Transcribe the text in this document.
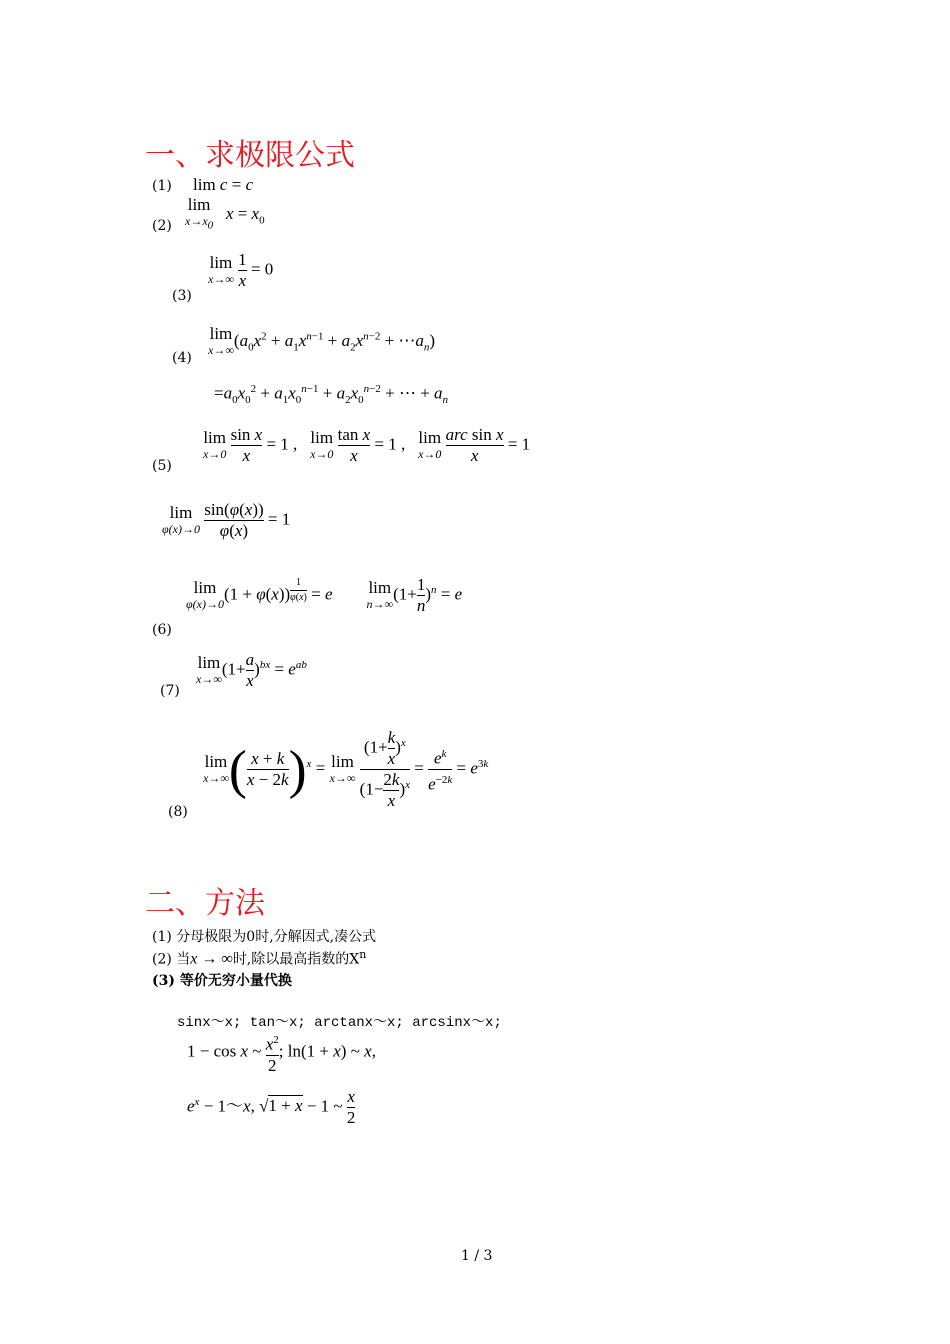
一、求极限公式
(1) lim c = c
(2)
lim
$x\to x_0$
$x = x_0$
(3)
lim
x→∞
$\frac{1}{x} = 0$
(4)
lim
x→∞
($a_0x^2 + a_1x^{n-1} + a_2x^{n-2}$ + $\cdots a_n$)
$=a_0x_0^2 + a_1x_0^{n-1} + a_2x_0^{n-2}$ + ⋯ + $a_n$
(5)
lim
x→0
$\frac{\text{sin x}}{x} = 1$ , lim
x→0
$\frac{\text{tan x}}{x} = 1$ , lim
x→0
$\frac{\text{arc sin x}}{x} = 1$
lim
φ(x)→0
$\frac{\sin(\varphi(x))}{\varphi(x)} = 1$
(6)
lim
φ(x)→0
(1 + φ(x)) $^{\frac{1}{\varphi(x)}}$ = e lim
n→∞
$(1+ \frac{1}{n} )^n = e$
(7)
lim
x→∞
$(1+ \frac{a}{x} )^{bx} = e^{ab}$
(8)
lim
x→∞ ( $\frac{x + k}{x - 2k} )^x = \lim$
x→∞
$\frac{(1+ \frac{k}{x} )^x}{(1- \frac{2k}{x} )^x} = \frac{e^k}{e^{-2k}} = e^{3k}$
二、方法
(1) 分母极限为0时,分解因式,凑公式
(2) 当x → ∞时,除以最高指数的$X^n$
(3) 等价无穷小量代换
sinx～x; tan～x; arctanx～x; arcsinx～x;
1 − cos x ~ $\frac{x^2}{2}$ ; ln(1 + x) ~ x,
$e^x$ − 1～x, √1 + x − 1 ~ $\frac{x}{2}$
1 / 3
